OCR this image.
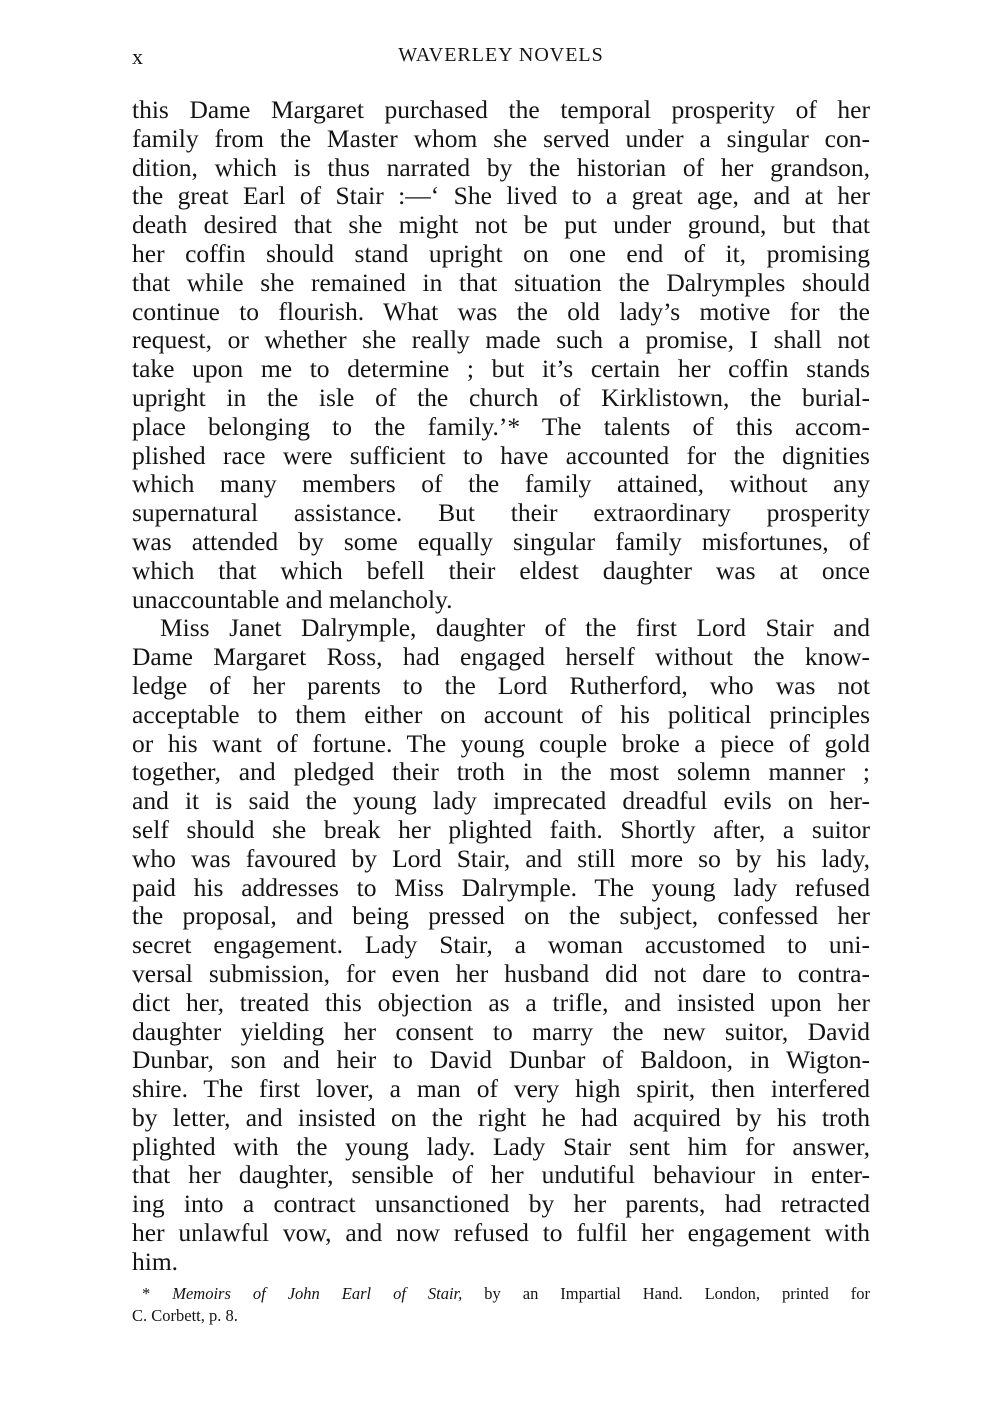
x	WAVERLEY NOVELS
this Dame Margaret purchased the temporal prosperity of her
family from the Master whom she served under a singular con-
dition, which is thus narrated by the historian of her grandson,
the great Earl of Stair :—‘ She lived to a great age, and at her
death desired that she might not be put under ground, but that
her coffin should stand upright on one end of it, promising
that while she remained in that situation the Dalrymples should
continue to flourish. What was the old lady’s motive for the
request, or whether she really made such a promise, I shall not
take upon me to determine ; but it’s certain her coffin stands
upright in the isle of the church of Kirklistown, the burial-
place belonging to the family.’* The talents of this accom-
plished race were sufficient to have accounted for the dignities
which many members of the family attained, without any
supernatural assistance. But their extraordinary prosperity
was attended by some equally singular family misfortunes, of
which that which befell their eldest daughter was at once
unaccountable and melancholy.
Miss Janet Dalrymple, daughter of the first Lord Stair and
Dame Margaret Ross, had engaged herself without the know-
ledge of her parents to the Lord Rutherford, who was not
acceptable to them either on account of his political principles
or his want of fortune. The young couple broke a piece of gold
together, and pledged their troth in the most solemn manner ;
and it is said the young lady imprecated dreadful evils on her-
self should she break her plighted faith. Shortly after, a suitor
who was favoured by Lord Stair, and still more so by his lady,
paid his addresses to Miss Dalrymple. The young lady refused
the proposal, and being pressed on the subject, confessed her
secret engagement. Lady Stair, a woman accustomed to uni-
versal submission, for even her husband did not dare to contra-
dict her, treated this objection as a trifle, and insisted upon her
daughter yielding her consent to marry the new suitor, David
Dunbar, son and heir to David Dunbar of Baldoon, in Wigton-
shire. The first lover, a man of very high spirit, then interfered
by letter, and insisted on the right he had acquired by his troth
plighted with the young lady. Lady Stair sent him for answer,
that her daughter, sensible of her undutiful behaviour in enter-
ing into a contract unsanctioned by her parents, had retracted
her unlawful vow, and now refused to fulfil her engagement with
him.
* Memoirs of John Earl of Stair, by an Impartial Hand. London, printed for
C. Corbett, p. 8.
